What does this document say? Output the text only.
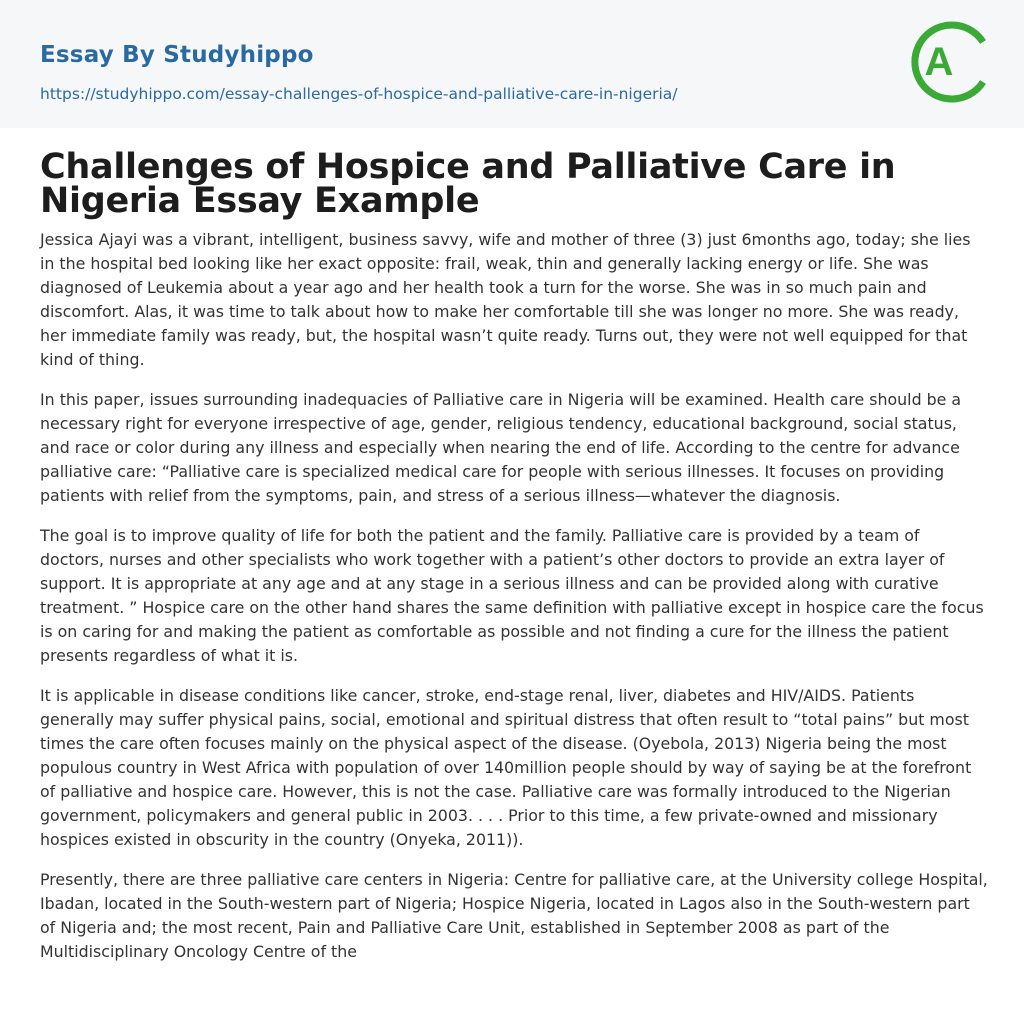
Essay By Studyhippo
https://studyhippo.com/essay-challenges-of-hospice-and-palliative-care-in-nigeria/
A
Challenges of Hospice and Palliative Care in Nigeria Essay Example

Jessica Ajayi was a vibrant, intelligent, business savvy, wife and mother of three (3) just 6months ago, today; she lies in the hospital bed looking like her exact opposite: frail, weak, thin and generally lacking energy or life. She was diagnosed of Leukemia about a year ago and her health took a turn for the worse. She was in so much pain and discomfort. Alas, it was time to talk about how to make her comfortable till she was longer no more. She was ready, her immediate family was ready, but, the hospital wasn’t quite ready. Turns out, they were not well equipped for that kind of thing.

In this paper, issues surrounding inadequacies of Palliative care in Nigeria will be examined. Health care should be a necessary right for everyone irrespective of age, gender, religious tendency, educational background, social status, and race or color during any illness and especially when nearing the end of life. According to the centre for advance palliative care: “Palliative care is specialized medical care for people with serious illnesses. It focuses on providing patients with relief from the symptoms, pain, and stress of a serious illness—whatever the diagnosis.

The goal is to improve quality of life for both the patient and the family. Palliative care is provided by a team of doctors, nurses and other specialists who work together with a patient’s other doctors to provide an extra layer of support. It is appropriate at any age and at any stage in a serious illness and can be provided along with curative treatment. ” Hospice care on the other hand shares the same definition with palliative except in hospice care the focus is on caring for and making the patient as comfortable as possible and not finding a cure for the illness the patient presents regardless of what it is.

It is applicable in disease conditions like cancer, stroke, end-stage renal, liver, diabetes and HIV/AIDS. Patients generally may suffer physical pains, social, emotional and spiritual distress that often result to “total pains” but most times the care often focuses mainly on the physical aspect of the disease. (Oyebola, 2013) Nigeria being the most populous country in West Africa with population of over 140million people should by way of saying be at the forefront of palliative and hospice care. However, this is not the case. Palliative care was formally introduced to the Nigerian government, policymakers and general public in 2003. . . . Prior to this time, a few private-owned and missionary hospices existed in obscurity in the country (Onyeka, 2011)).

Presently, there are three palliative care centers in Nigeria: Centre for palliative care, at the University college Hospital, Ibadan, located in the South-western part of Nigeria; Hospice Nigeria, located in Lagos also in the South-western part of Nigeria and; the most recent, Pain and Palliative Care Unit, established in September 2008 as part of the Multidisciplinary Oncology Centre of the
